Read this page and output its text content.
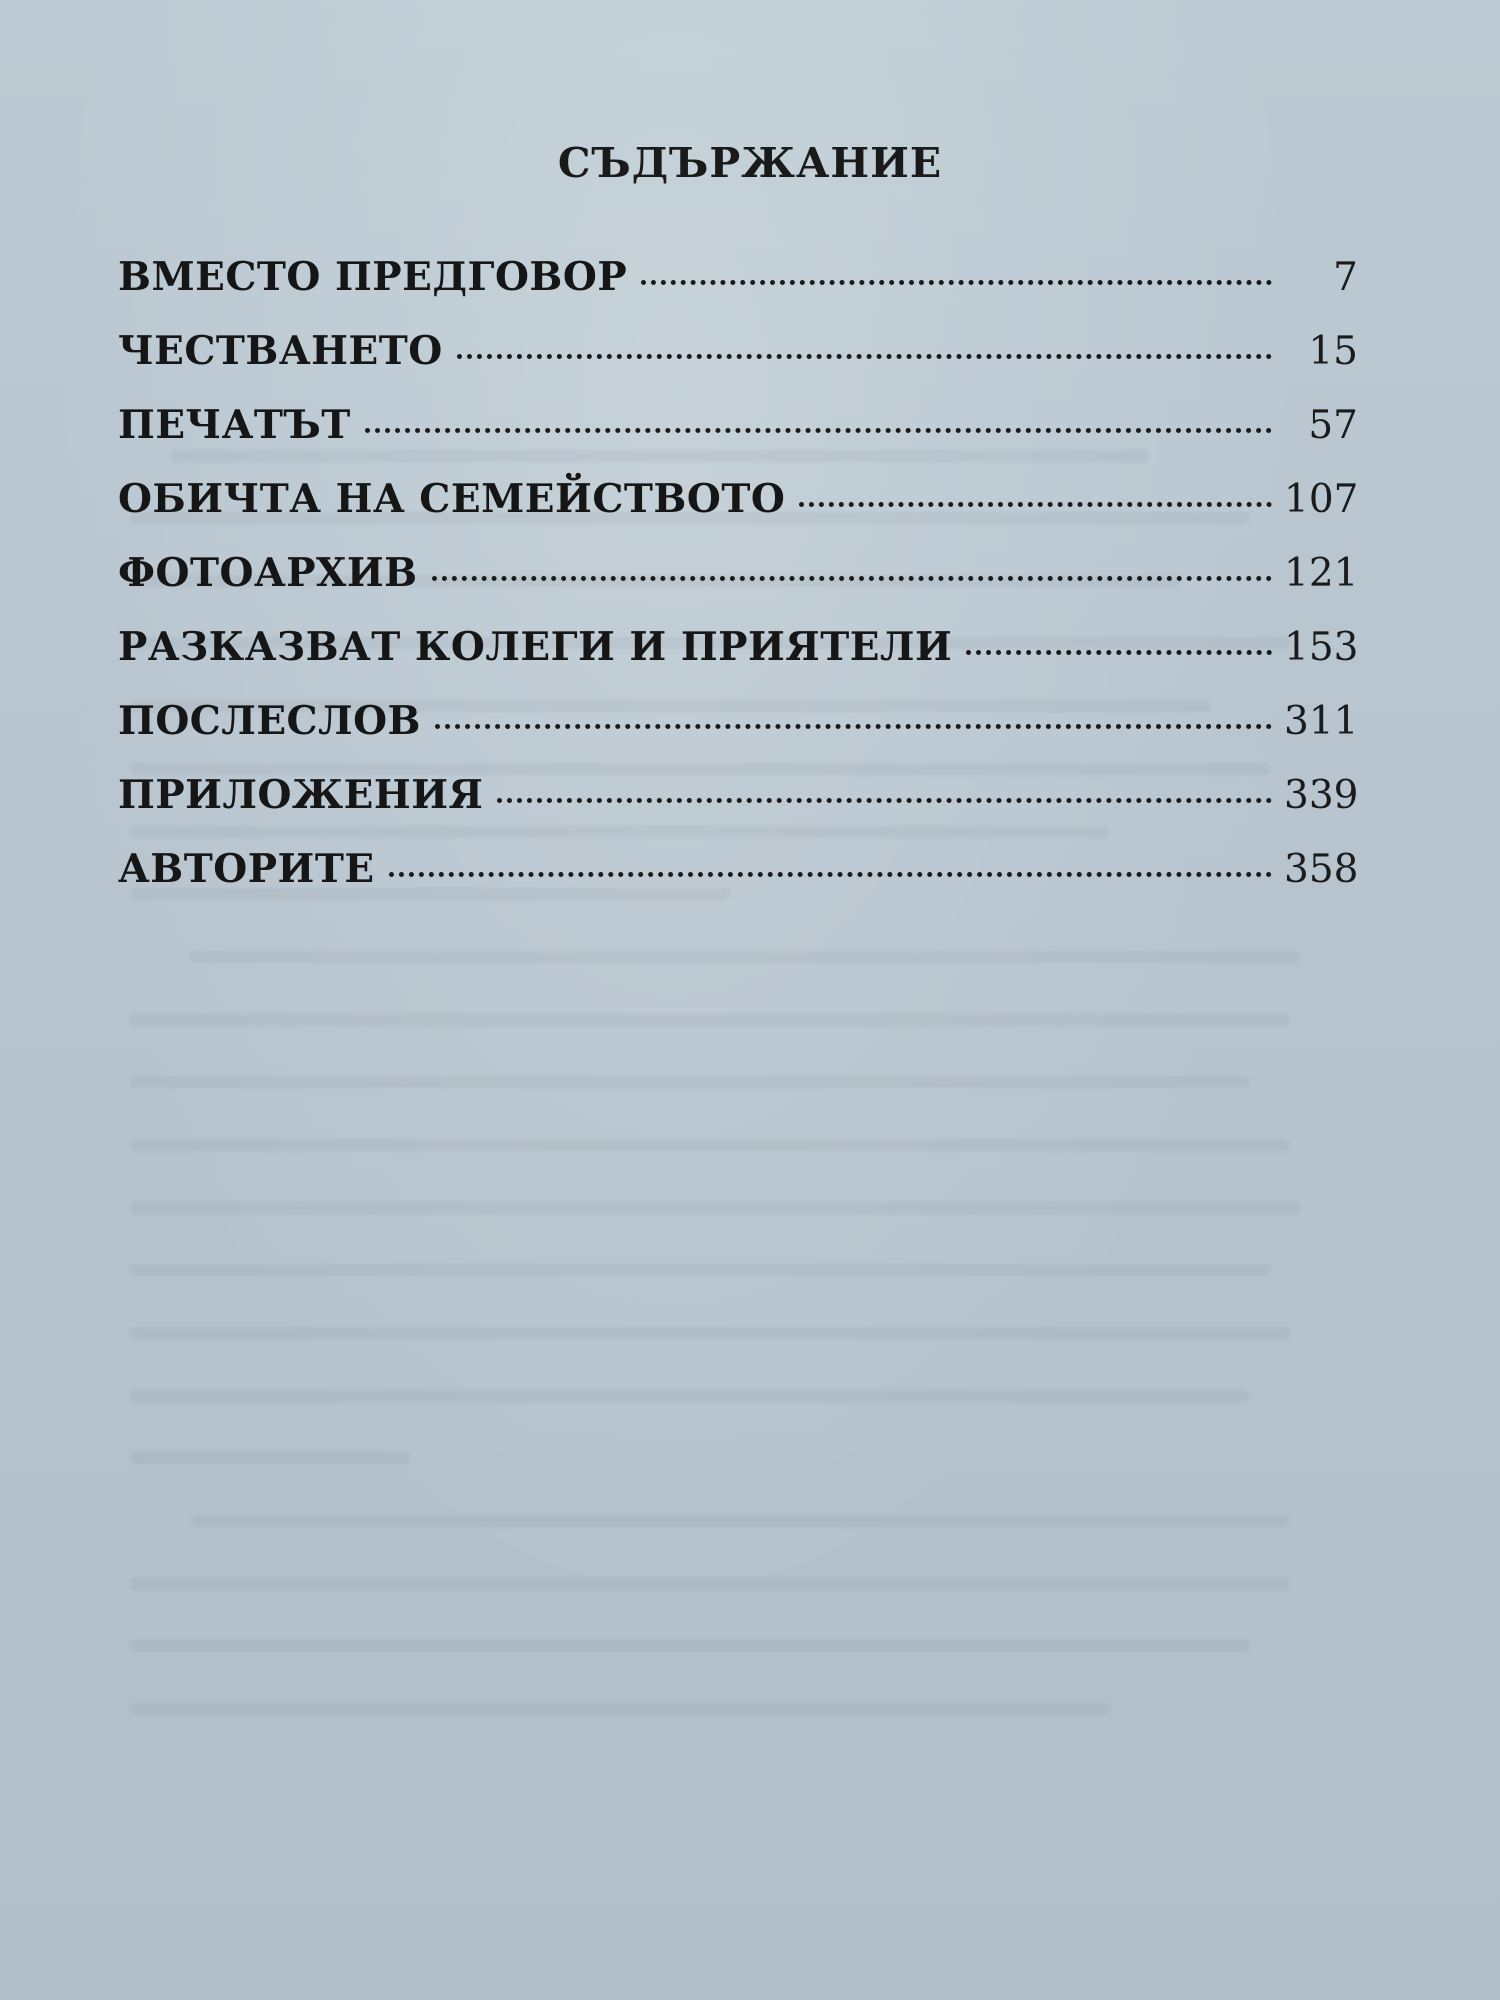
СЪДЪРЖАНИЕ
ВМЕСТО ПРЕДГОВОР	7
ЧЕСТВАНЕТО	15
ПЕЧАТЪТ	57
ОБИЧТА НА СЕМЕЙСТВОТО	107
ФОТОАРХИВ	121
РАЗКАЗВАТ КОЛЕГИ И ПРИЯТЕЛИ	153
ПОСЛЕСЛОВ	311
ПРИЛОЖЕНИЯ	339
АВТОРИТЕ	358
